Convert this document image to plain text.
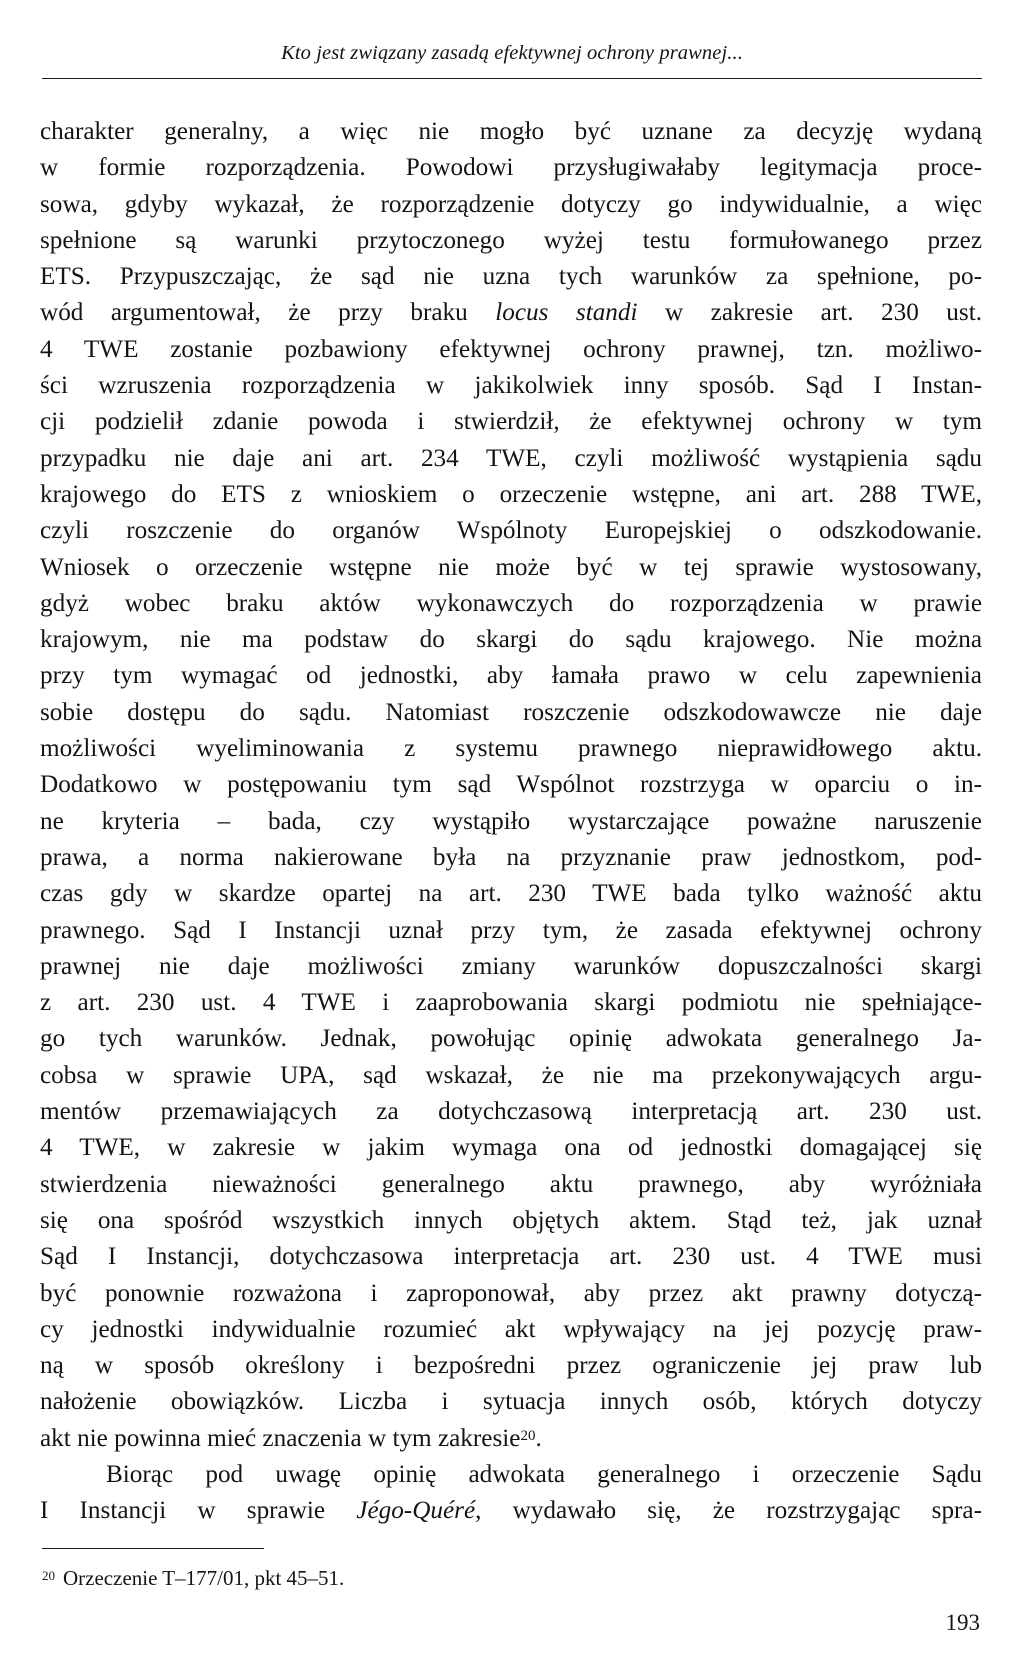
Kto jest związany zasadą efektywnej ochrony prawnej...
charakter generalny, a więc nie mogło być uznane za decyzję wydaną
w formie rozporządzenia. Powodowi przysługiwałaby legitymacja proce-
sowa, gdyby wykazał, że rozporządzenie dotyczy go indywidualnie, a więc
spełnione są warunki przytoczonego wyżej testu formułowanego przez
ETS. Przypuszczając, że sąd nie uzna tych warunków za spełnione, po-
wód argumentował, że przy braku locus standi w zakresie art. 230 ust.
4 TWE zostanie pozbawiony efektywnej ochrony prawnej, tzn. możliwo-
ści wzruszenia rozporządzenia w jakikolwiek inny sposób. Sąd I Instan-
cji podzielił zdanie powoda i stwierdził, że efektywnej ochrony w tym
przypadku nie daje ani art. 234 TWE, czyli możliwość wystąpienia sądu
krajowego do ETS z wnioskiem o orzeczenie wstępne, ani art. 288 TWE,
czyli roszczenie do organów Wspólnoty Europejskiej o odszkodowanie.
Wniosek o orzeczenie wstępne nie może być w tej sprawie wystosowany,
gdyż wobec braku aktów wykonawczych do rozporządzenia w prawie
krajowym, nie ma podstaw do skargi do sądu krajowego. Nie można
przy tym wymagać od jednostki, aby łamała prawo w celu zapewnienia
sobie dostępu do sądu. Natomiast roszczenie odszkodowawcze nie daje
możliwości wyeliminowania z systemu prawnego nieprawidłowego aktu.
Dodatkowo w postępowaniu tym sąd Wspólnot rozstrzyga w oparciu o in-
ne kryteria – bada, czy wystąpiło wystarczające poważne naruszenie
prawa, a norma nakierowane była na przyznanie praw jednostkom, pod-
czas gdy w skardze opartej na art. 230 TWE bada tylko ważność aktu
prawnego. Sąd I Instancji uznał przy tym, że zasada efektywnej ochrony
prawnej nie daje możliwości zmiany warunków dopuszczalności skargi
z art. 230 ust. 4 TWE i zaaprobowania skargi podmiotu nie spełniające-
go tych warunków. Jednak, powołując opinię adwokata generalnego Ja-
cobsa w sprawie UPA, sąd wskazał, że nie ma przekonywających argu-
mentów przemawiających za dotychczasową interpretacją art. 230 ust.
4 TWE, w zakresie w jakim wymaga ona od jednostki domagającej się
stwierdzenia nieważności generalnego aktu prawnego, aby wyróżniała
się ona spośród wszystkich innych objętych aktem. Stąd też, jak uznał
Sąd I Instancji, dotychczasowa interpretacja art. 230 ust. 4 TWE musi
być ponownie rozważona i zaproponował, aby przez akt prawny dotyczą-
cy jednostki indywidualnie rozumieć akt wpływający na jej pozycję praw-
ną w sposób określony i bezpośredni przez ograniczenie jej praw lub
nałożenie obowiązków. Liczba i sytuacja innych osób, których dotyczy
akt nie powinna mieć znaczenia w tym zakresie$^{20}$.
Biorąc pod uwagę opinię adwokata generalnego i orzeczenie Sądu
I Instancji w sprawie Jégo-Quéré, wydawało się, że rozstrzygając spra-
$^{20}$ Orzeczenie T–177/01, pkt 45–51.
193
